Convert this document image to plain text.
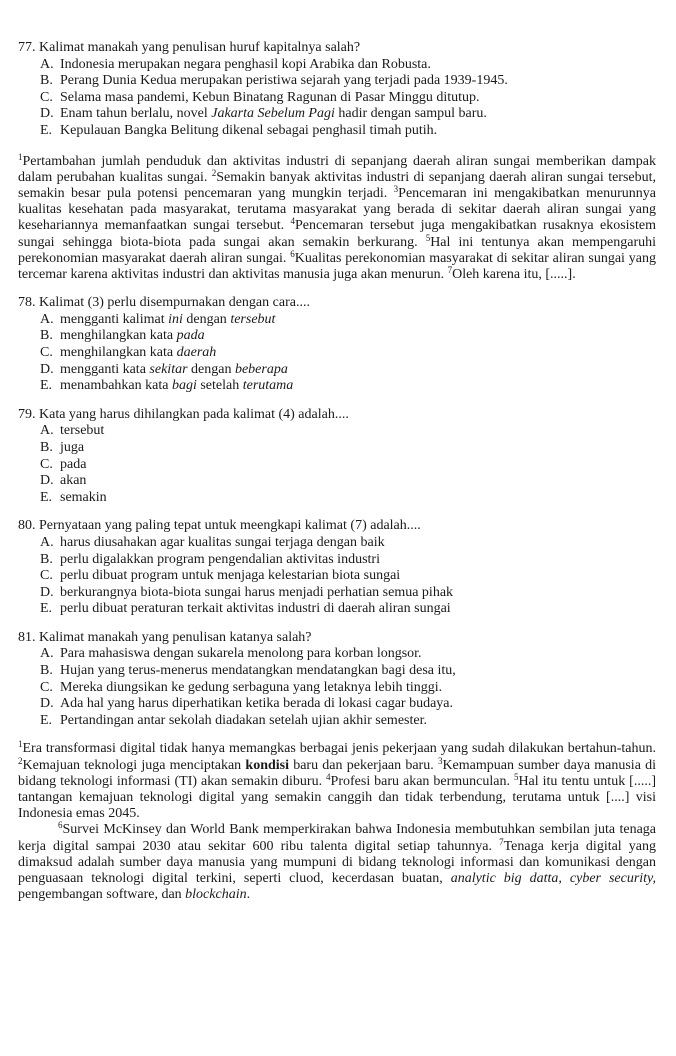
77. Kalimat manakah yang penulisan huruf kapitalnya salah?

A. Indonesia merupakan negara penghasil kopi Arabika dan Robusta.
B. Perang Dunia Kedua merupakan peristiwa sejarah yang terjadi pada 1939-1945.
C. Selama masa pandemi, Kebun Binatang Ragunan di Pasar Minggu ditutup.
D. Enam tahun berlalu, novel Jakarta Sebelum Pagi hadir dengan sampul baru.
E. Kepulauan Bangka Belitung dikenal sebagai penghasil timah putih.

$^1$Pertambahan jumlah penduduk dan aktivitas industri di sepanjang daerah aliran sungai memberikan dampak dalam perubahan kualitas sungai. $^2$Semakin banyak aktivitas industri di sepanjang daerah aliran sungai tersebut, semakin besar pula potensi pencemaran yang mungkin terjadi. $^3$Pencemaran ini mengakibatkan menurunnya kualitas kesehatan pada masyarakat, terutama masyarakat yang berada di sekitar daerah aliran sungai yang kesehariannya memanfaatkan sungai tersebut. $^4$Pencemaran tersebut juga mengakibatkan rusaknya ekosistem sungai sehingga biota-biota pada sungai akan semakin berkurang. $^5$Hal ini tentunya akan mempengaruhi perekonomian masyarakat daerah aliran sungai. $^6$Kualitas perekonomian masyarakat di sekitar aliran sungai yang tercemar karena aktivitas industri dan aktivitas manusia juga akan menurun. $^7$Oleh karena itu, [.....].

78. Kalimat (3) perlu disempurnakan dengan cara....

A. mengganti kalimat ini dengan tersebut
B. menghilangkan kata pada
C. menghilangkan kata daerah
D. mengganti kata sekitar dengan beberapa
E. menambahkan kata bagi setelah terutama

79. Kata yang harus dihilangkan pada kalimat (4) adalah....

A. tersebut
B. juga
C. pada
D. akan
E. semakin

80. Pernyataan yang paling tepat untuk meengkapi kalimat (7) adalah....

A. harus diusahakan agar kualitas sungai terjaga dengan baik
B. perlu digalakkan program pengendalian aktivitas industri
C. perlu dibuat program untuk menjaga kelestarian biota sungai
D. berkurangnya biota-biota sungai harus menjadi perhatian semua pihak
E. perlu dibuat peraturan terkait aktivitas industri di daerah aliran sungai

81. Kalimat manakah yang penulisan katanya salah?

A. Para mahasiswa dengan sukarela menolong para korban longsor.
B. Hujan yang terus-menerus mendatangkan mendatangkan bagi desa itu,
C. Mereka diungsikan ke gedung serbaguna yang letaknya lebih tinggi.
D. Ada hal yang harus diperhatikan ketika berada di lokasi cagar budaya.
E. Pertandingan antar sekolah diadakan setelah ujian akhir semester.

$^1$Era transformasi digital tidak hanya memangkas berbagai jenis pekerjaan yang sudah dilakukan bertahun-tahun. $^2$Kemajuan teknologi juga menciptakan kondisi baru dan pekerjaan baru. $^3$Kemampuan sumber daya manusia di bidang teknologi informasi (TI) akan semakin diburu. $^4$Profesi baru akan bermunculan. $^5$Hal itu tentu untuk [.....] tantangan kemajuan teknologi digital yang semakin canggih dan tidak terbendung, terutama untuk [....] visi Indonesia emas 2045.

$^6$Survei McKinsey dan World Bank memperkirakan bahwa Indonesia membutuhkan sembilan juta tenaga kerja digital sampai 2030 atau sekitar 600 ribu talenta digital setiap tahunnya. $^7$Tenaga kerja digital yang dimaksud adalah sumber daya manusia yang mumpuni di bidang teknologi informasi dan komunikasi dengan penguasaan teknologi digital terkini, seperti cluod, kecerdasan buatan, analytic big datta, cyber security, pengembangan software, dan blockchain.
